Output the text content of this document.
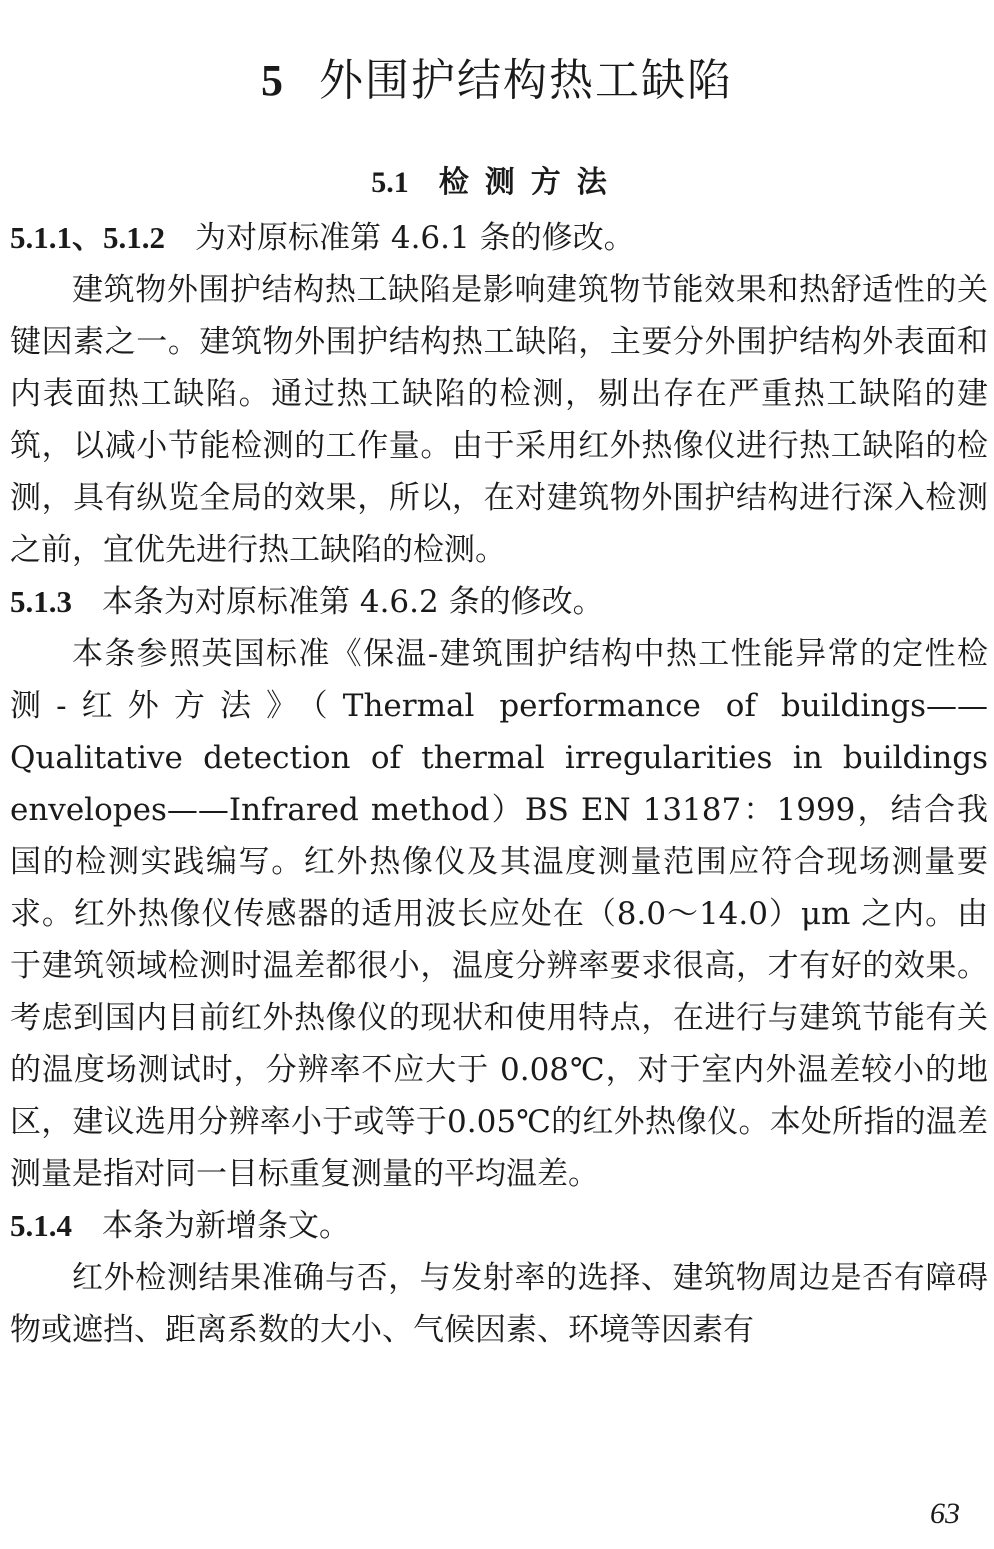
5 外围护结构热工缺陷
5.1 检测方法

5.1.1、5.1.2 为对原标准第 4.6.1 条的修改。

建筑物外围护结构热工缺陷是影响建筑物节能效果和热舒适性的关键因素之一。建筑物外围护结构热工缺陷，主要分外围护结构外表面和内表面热工缺陷。通过热工缺陷的检测，剔出存在严重热工缺陷的建筑，以减小节能检测的工作量。由于采用红外热像仪进行热工缺陷的检测，具有纵览全局的效果，所以，在对建筑物外围护结构进行深入检测之前，宜优先进行热工缺陷的检测。

5.1.3 本条为对原标准第 4.6.2 条的修改。

本条参照英国标准《保温-建筑围护结构中热工性能异常的定性检测-红外方法》（Thermal performance of buildings——Qualitative detection of thermal irregularities in buildings envelopes——Infrared method）BS EN 13187：1999，结合我国的检测实践编写。红外热像仪及其温度测量范围应符合现场测量要求。红外热像仪传感器的适用波长应处在（8.0～14.0）μm 之内。由于建筑领域检测时温差都很小，温度分辨率要求很高，才有好的效果。考虑到国内目前红外热像仪的现状和使用特点，在进行与建筑节能有关的温度场测试时，分辨率不应大于 0.08℃，对于室内外温差较小的地区，建议选用分辨率小于或等于0.05℃的红外热像仪。本处所指的温差测量是指对同一目标重复测量的平均温差。

5.1.4 本条为新增条文。

红外检测结果准确与否，与发射率的选择、建筑物周边是否有障碍物或遮挡、距离系数的大小、气候因素、环境等因素有

63
